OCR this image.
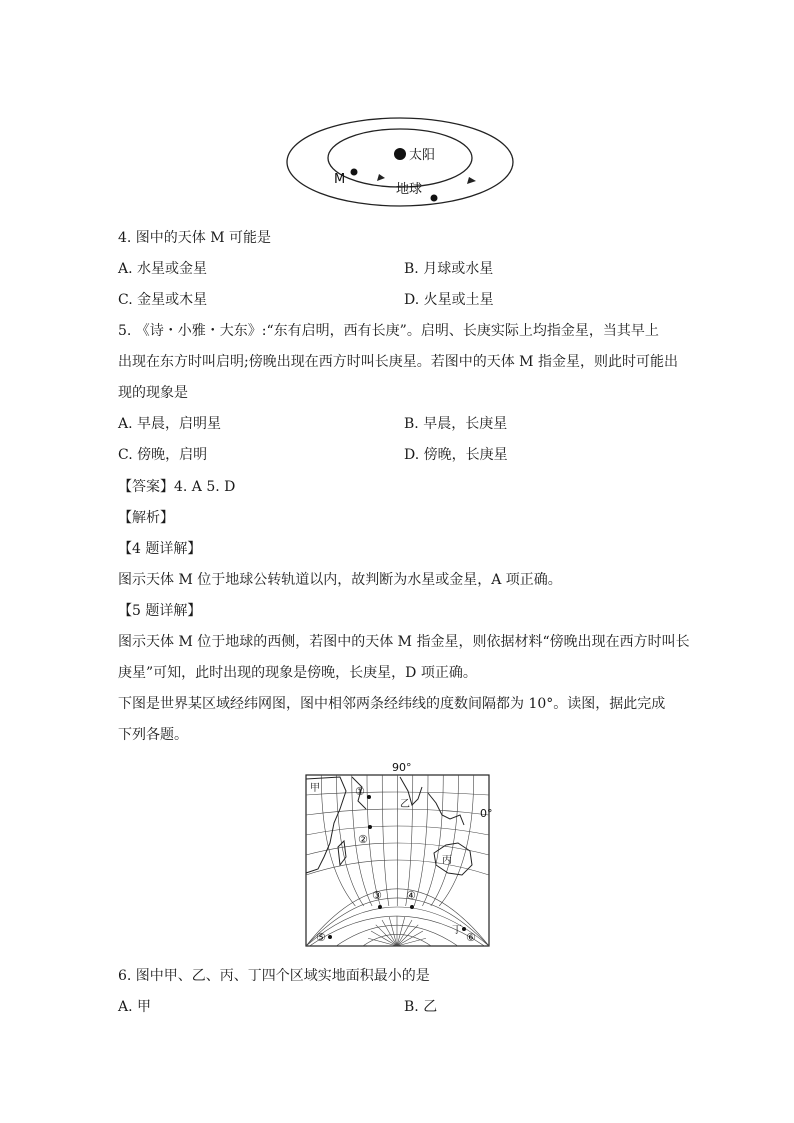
太阳
M
地球
4. 图中的天体 M 可能是
A. 水星或金星	B. 月球或水星
C. 金星或木星	D. 火星或土星
5. 《诗・小雅・大东》:“东有启明，西有长庚”。启明、长庚实际上均指金星，当其早上
出现在东方时叫启明;傍晚出现在西方时叫长庚星。若图中的天体 M 指金星，则此时可能出
现的现象是
A. 早晨，启明星	B. 早晨，长庚星
C. 傍晚，启明	D. 傍晚，长庚星
【答案】4. A 5. D
【解析】
【4 题详解】
图示天体 M 位于地球公转轨道以内，故判断为水星或金星，A 项正确。
【5 题详解】
图示天体 M 位于地球的西侧，若图中的天体 M 指金星，则依据材料“傍晚出现在西方时叫长
庚星”可知，此时出现的现象是傍晚，长庚星，D 项正确。
下图是世界某区域经纬网图，图中相邻两条经纬线的度数间隔都为 10°。读图，据此完成
下列各题。
90°
0°
甲
乙
丙
丁
①
②
③ ④
⑤	⑥
6. 图中甲、乙、丙、丁四个区域实地面积最小的是
A. 甲	B. 乙
